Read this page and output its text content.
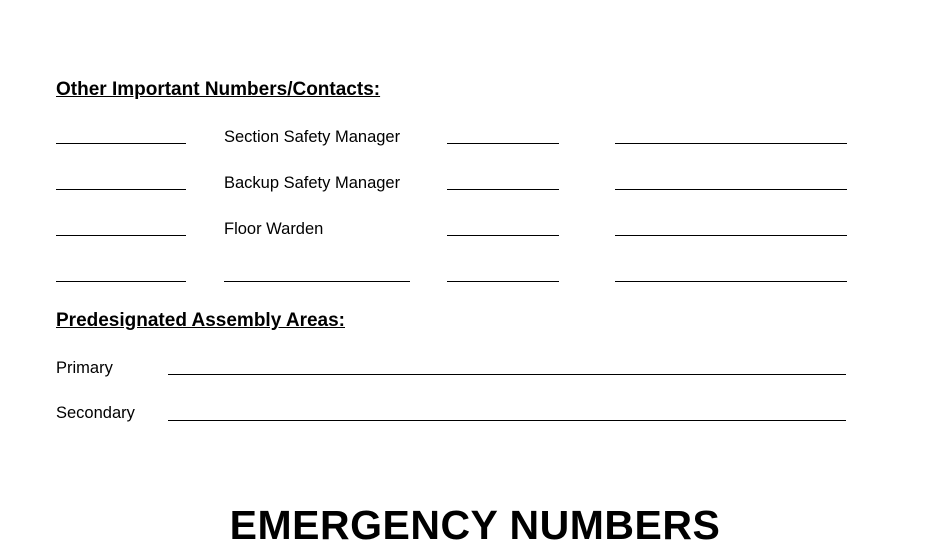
Other Important Numbers/Contacts:
Section Safety Manager
Backup Safety Manager
Floor Warden
Predesignated Assembly Areas:
Primary
Secondary
EMERGENCY NUMBERS
